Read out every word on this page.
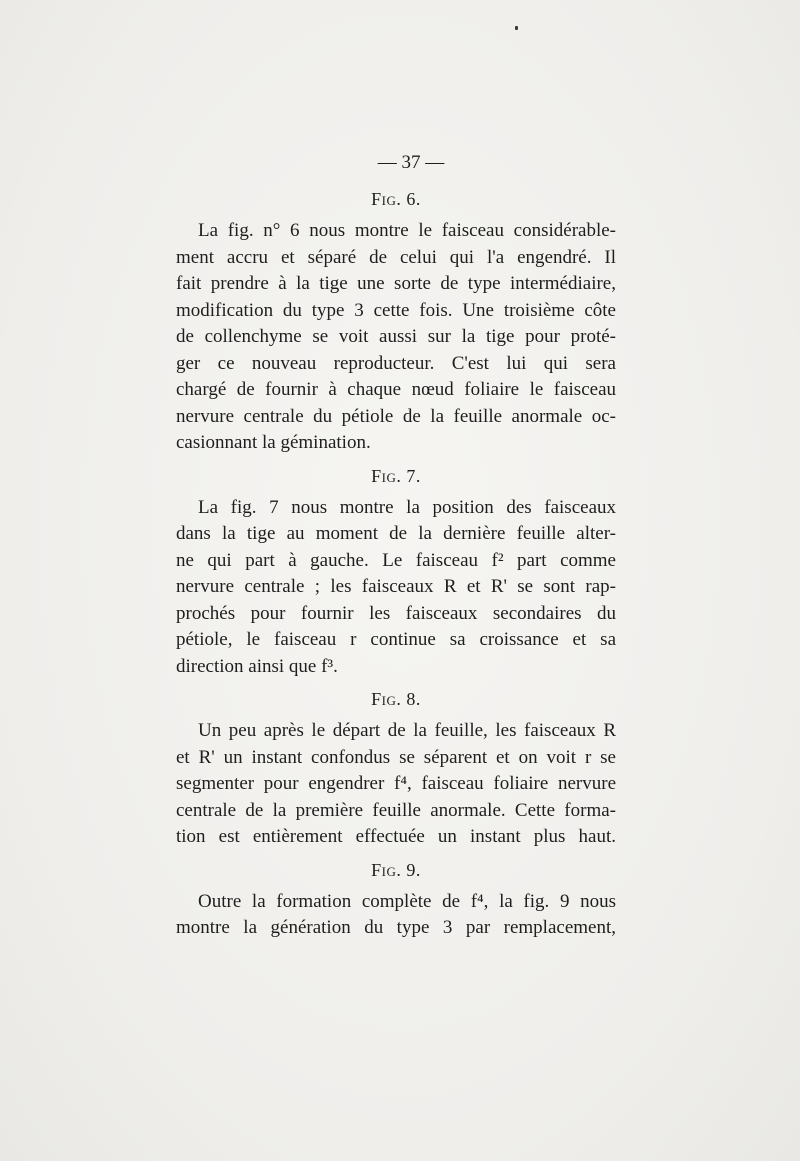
— 37 —
Fig. 6.
La fig. n° 6 nous montre le faisceau considérable-
ment accru et séparé de celui qui l'a engendré. Il
fait prendre à la tige une sorte de type intermédiaire,
modification du type 3 cette fois. Une troisième côte
de collenchyme se voit aussi sur la tige pour proté-
ger ce nouveau reproducteur. C'est lui qui sera
chargé de fournir à chaque nœud foliaire le faisceau
nervure centrale du pétiole de la feuille anormale oc-
casionnant la gémination.
Fig. 7.
La fig. 7 nous montre la position des faisceaux
dans la tige au moment de la dernière feuille alter-
ne qui part à gauche. Le faisceau f² part comme
nervure centrale ; les faisceaux R et R' se sont rap-
prochés pour fournir les faisceaux secondaires du
pétiole, le faisceau r continue sa croissance et sa
direction ainsi que f³.
Fig. 8.
Un peu après le départ de la feuille, les faisceaux R
et R' un instant confondus se séparent et on voit r se
segmenter pour engendrer f⁴, faisceau foliaire nervure
centrale de la première feuille anormale. Cette forma-
tion est entièrement effectuée un instant plus haut.
Fig. 9.
Outre la formation complète de f⁴, la fig. 9 nous
montre la génération du type 3 par remplacement,
